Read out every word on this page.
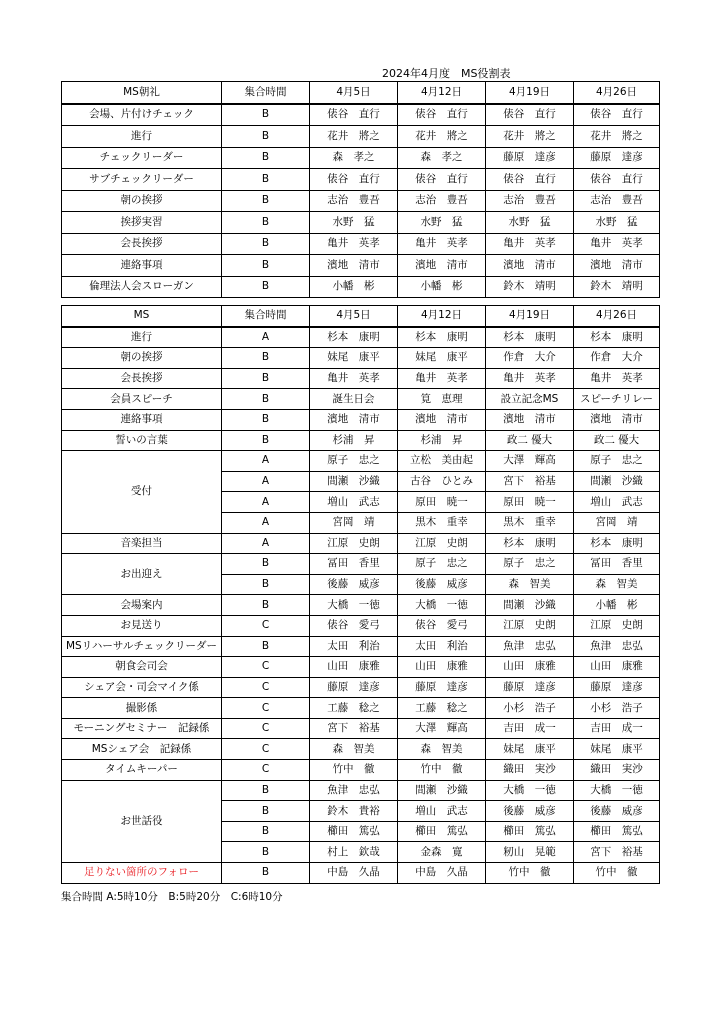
2024年4月度　MS役割表
MS朝礼	集合時間	4月5日	4月12日	4月19日	4月26日
会場、片付けチェック	B	俵谷　直行	俵谷　直行	俵谷　直行	俵谷　直行
進行	B	花井　將之	花井　將之	花井　將之	花井　將之
チェックリーダー	B	森　孝之	森　孝之	藤原　達彦	藤原　達彦
サブチェックリーダー	B	俵谷　直行	俵谷　直行	俵谷　直行	俵谷　直行
朝の挨拶	B	志治　豊吾	志治　豊吾	志治　豊吾	志治　豊吾
挨拶実習	B	水野　猛	水野　猛	水野　猛	水野　猛
会長挨拶	B	亀井　英孝	亀井　英孝	亀井　英孝	亀井　英孝
連絡事項	B	濱地　清市	濱地　清市	濱地　清市	濱地　清市
倫理法人会スローガン	B	小幡　彬	小幡　彬	鈴木　靖明	鈴木　靖明
MS	集合時間	4月5日	4月12日	4月19日	4月26日
進行	A	杉本　康明	杉本　康明	杉本　康明	杉本　康明
朝の挨拶	B	妹尾　康平	妹尾　康平	作倉　大介	作倉　大介
会長挨拶	B	亀井　英孝	亀井　英孝	亀井　英孝	亀井　英孝
会員スピーチ	B	誕生日会	筧　恵理	設立記念MS	スピーチリレー
連絡事項	B	濱地　清市	濱地　清市	濱地　清市	濱地　清市
誓いの言葉	B	杉浦　昇	杉浦　昇	政二 優大	政二 優大
受付	A	原子　忠之	立松　美由起	大澤　輝高	原子　忠之
	A	間瀬　沙織	古谷　ひとみ	宮下　裕基	間瀬　沙織
	A	増山　武志	原田　暁一	原田　暁一	増山　武志
	A	宮岡　靖	黒木　重幸	黒木　重幸	宮岡　靖
音楽担当	A	江原　史朗	江原　史朗	杉本　康明	杉本　康明
お出迎え	B	冨田　香里	原子　忠之	原子　忠之	冨田　香里
	B	後藤　威彦	後藤　威彦	森　智美	森　智美
会場案内	B	大橋　一徳	大橋　一徳	間瀬　沙織	小幡　彬
お見送り	C	俵谷　愛弓	俵谷　愛弓	江原　史朗	江原　史朗
MSリハーサルチェックリーダー	B	太田　利治	太田　利治	魚津　忠弘	魚津　忠弘
朝食会司会	C	山田　康雅	山田　康雅	山田　康雅	山田　康雅
シェア会・司会マイク係	C	藤原　達彦	藤原　達彦	藤原　達彦	藤原　達彦
撮影係	C	工藤　稔之	工藤　稔之	小杉　浩子	小杉　浩子
モーニングセミナー　記録係	C	宮下　裕基	大澤　輝高	吉田　成一	吉田　成一
MSシェア会　記録係	C	森　智美	森　智美	妹尾　康平	妹尾　康平
タイムキーパー	C	竹中　徹	竹中　徹	織田　実沙	織田　実沙
お世話役	B	魚津　忠弘	間瀬　沙織	大橋　一徳	大橋　一徳
	B	鈴木　貴裕	増山　武志	後藤　威彦	後藤　威彦
	B	櫛田　篤弘	櫛田　篤弘	櫛田　篤弘	櫛田　篤弘
	B	村上　欽哉	金森　寛	籾山　晃範	宮下　裕基
足りない箇所のフォロー	B	中島　久晶	中島　久晶	竹中　徹	竹中　徹
集合時間 A:5時10分　B:5時20分　C:6時10分
